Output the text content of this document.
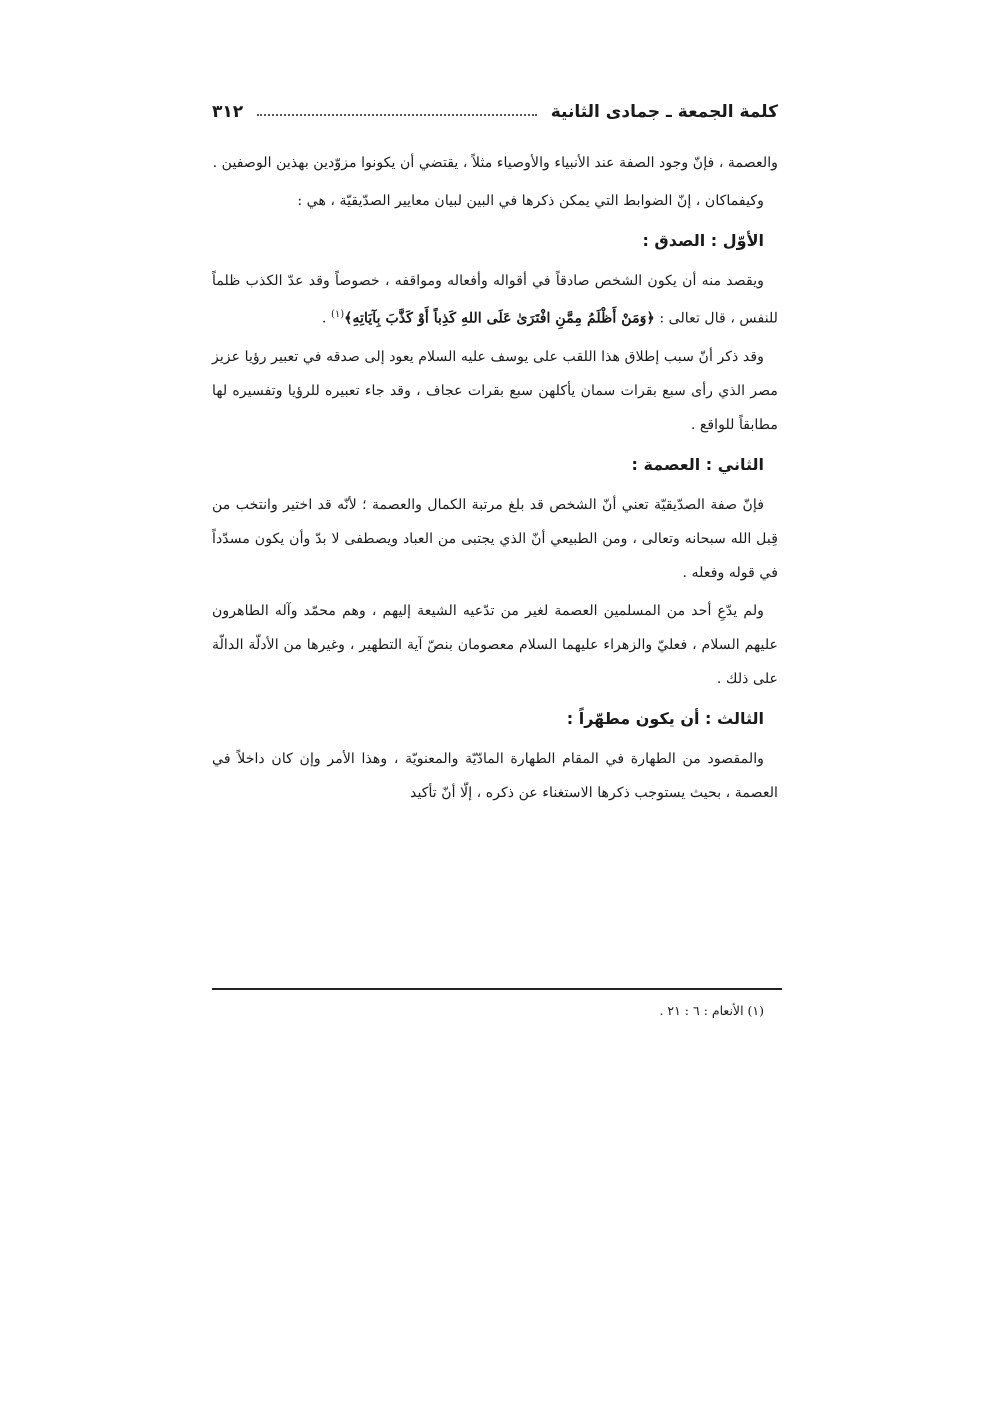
كلمة الجمعة ـ جمادى الثانية
٣١٢

والعصمة ، فإنّ وجود الصفة عند الأنبياء والأوصياء مثلاً ، يقتضي أن يكونوا مزوّدين بهذين الوصفين .

وكيفماكان ، إنّ الضوابط التي يمكن ذكرها في البين لبيان معايير الصدّيقيّة ، هي :

الأوّل : الصدق :

ويقصد منه أن يكون الشخص صادقاً في أقواله وأفعاله ومواقفه ، خصوصاً وقد عدّ الكذب ظلماً للنفس ، قال تعالى : ﴿وَمَنْ أَظْلَمُ مِمَّنِ افْتَرَىٰ عَلَى اللهِ كَذِباً أَوْ كَذَّبَ بِآيَاتِهِ﴾$^{(١)}$ .

وقد ذكر أنّ سبب إطلاق هذا اللقب على يوسف عليه السلام يعود إلى صدقه في تعبير رؤيا عزيز مصر الذي رأى سبع بقرات سمان يأكلهن سبع بقرات عجاف ، وقد جاء تعبيره للرؤيا وتفسيره لها مطابقاً للواقع .

الثاني : العصمة :

فإنّ صفة الصدّيقيّة تعني أنّ الشخص قد بلغ مرتبة الكمال والعصمة ؛ لأنّه قد اختير وانتخب من قِبل الله سبحانه وتعالى ، ومن الطبيعي أنّ الذي يجتبى من العباد ويصطفى لا بدّ وأن يكون مسدّداً في قوله وفعله .

ولم يدّعِ أحد من المسلمين العصمة لغير من تدّعيه الشيعة إليهم ، وهم محمّد وآله الطاهرون عليهم السلام ، فعليّ والزهراء عليهما السلام معصومان بنصّ آية التطهير ، وغيرها من الأدلّة الدالّة على ذلك .

الثالث : أن يكون مطهّراً :

والمقصود من الطهارة في المقام الطهارة المادّيّة والمعنويّة ، وهذا الأمر وإن كان داخلاً في العصمة ، بحيث يستوجب ذكرها الاستغناء عن ذكره ، إلّا أنّ تأكيد

(١) الأنعام : ٦ : ٢١ .
